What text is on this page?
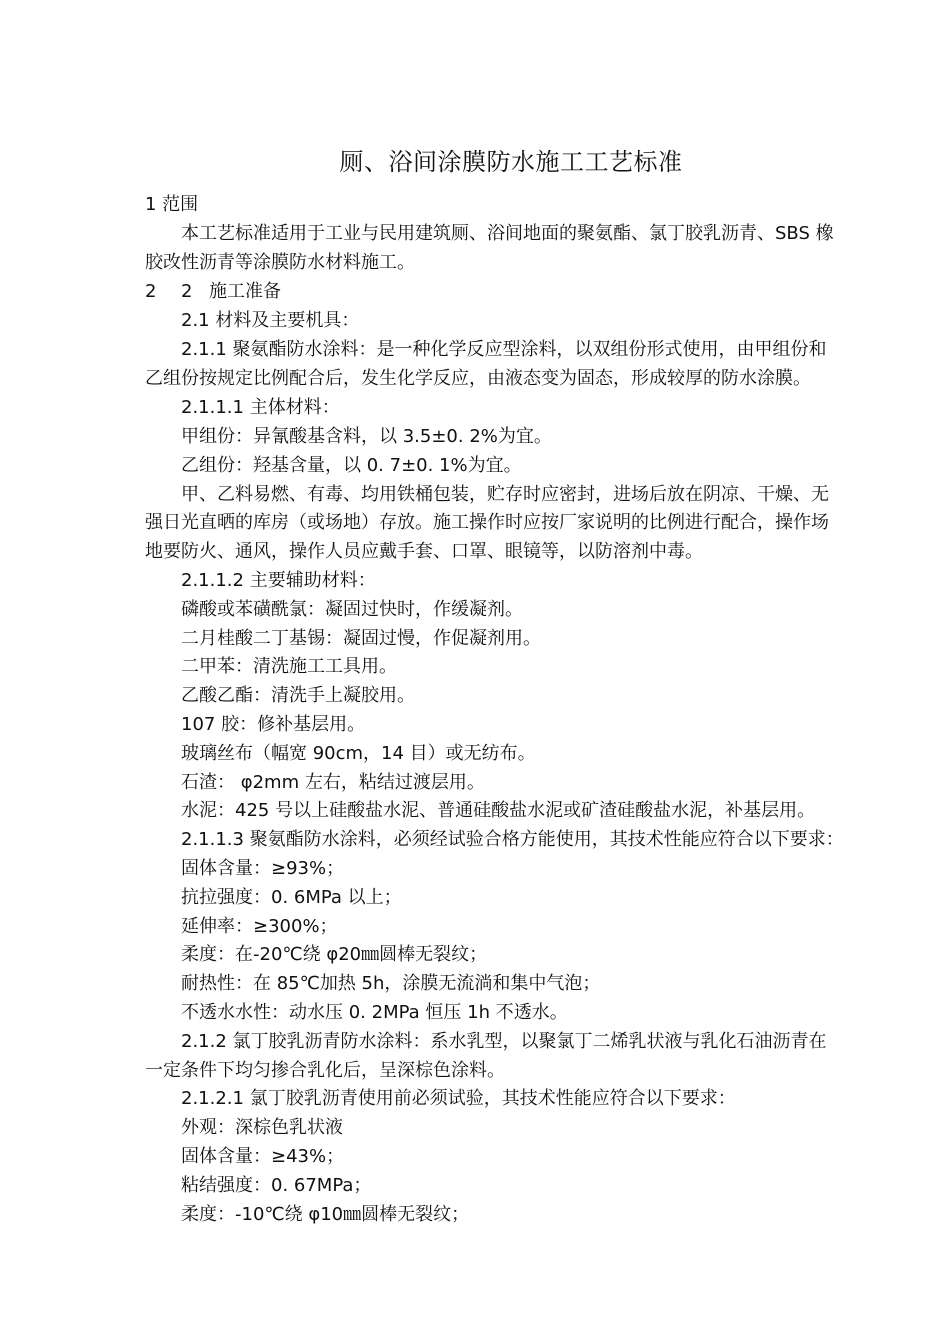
厕、浴间涂膜防水施工工艺标准
1 范围
本工艺标准适用于工业与民用建筑厕、浴间地面的聚氨酯、氯丁胶乳沥青、SBS 橡
胶改性沥青等涂膜防水材料施工。
2 2 施工准备
2.1 材料及主要机具：
2.1.1 聚氨酯防水涂料：是一种化学反应型涂料，以双组份形式使用，由甲组份和
乙组份按规定比例配合后，发生化学反应，由液态变为固态，形成较厚的防水涂膜。
2.1.1.1 主体材料：
甲组份：异氰酸基含料，以 3.5±0. 2%为宜。
乙组份：羟基含量，以 0. 7±0. 1%为宜。
甲、乙料易燃、有毒、均用铁桶包装，贮存时应密封，进场后放在阴凉、干燥、无
强日光直晒的库房（或场地）存放。施工操作时应按厂家说明的比例进行配合，操作场
地要防火、通风，操作人员应戴手套、口罩、眼镜等，以防溶剂中毒。
2.1.1.2 主要辅助材料：
磷酸或苯磺酰氯：凝固过快时，作缓凝剂。
二月桂酸二丁基锡：凝固过慢，作促凝剂用。
二甲苯：清洗施工工具用。
乙酸乙酯：清洗手上凝胶用。
107 胶：修补基层用。
玻璃丝布（幅宽 90cm，14 目）或无纺布。
石渣： φ2mm 左右，粘结过渡层用。
水泥：425 号以上硅酸盐水泥、普通硅酸盐水泥或矿渣硅酸盐水泥，补基层用。
2.1.1.3 聚氨酯防水涂料，必须经试验合格方能使用，其技术性能应符合以下要求：
固体含量：≥93%；
抗拉强度：0. 6MPa 以上；
延伸率：≥300%；
柔度：在-20℃绕 φ20㎜圆棒无裂纹；
耐热性：在 85℃加热 5h，涂膜无流淌和集中气泡；
不透水水性：动水压 0. 2MPa 恒压 1h 不透水。
2.1.2 氯丁胶乳沥青防水涂料：系水乳型，以聚氯丁二烯乳状液与乳化石油沥青在
一定条件下均匀掺合乳化后，呈深棕色涂料。
2.1.2.1 氯丁胶乳沥青使用前必须试验，其技术性能应符合以下要求：
外观：深棕色乳状液
固体含量：≥43%；
粘结强度：0. 67MPa；
柔度：-10℃绕 φ10㎜圆棒无裂纹；
